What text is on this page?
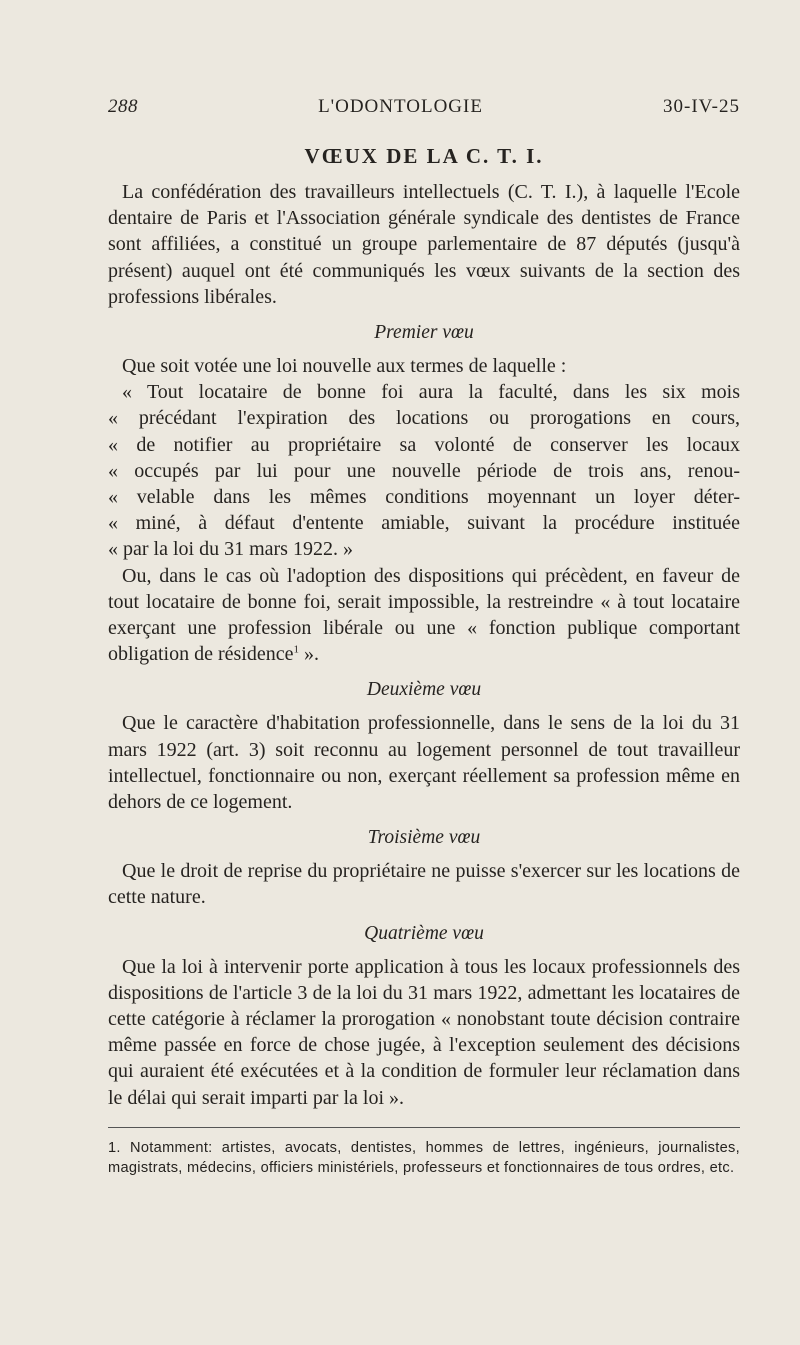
288	L'ODONTOLOGIE	30-IV-25
VŒUX DE LA C. T. I.

La confédération des travailleurs intellectuels (C. T. I.), à laquelle l'Ecole dentaire de Paris et l'Association générale syndicale des dentistes de France sont affiliées, a constitué un groupe parlementaire de 87 députés (jusqu'à présent) auquel ont été communiqués les vœux suivants de la section des professions libérales.

Premier vœu

Que soit votée une loi nouvelle aux termes de laquelle :

« Tout locataire de bonne foi aura la faculté, dans les six mois
« précédant l'expiration des locations ou prorogations en cours,
« de notifier au propriétaire sa volonté de conserver les locaux
« occupés par lui pour une nouvelle période de trois ans, renou-
« velable dans les mêmes conditions moyennant un loyer déter-
« miné, à défaut d'entente amiable, suivant la procédure instituée
« par la loi du 31 mars 1922. »

Ou, dans le cas où l'adoption des dispositions qui précèdent, en faveur de tout locataire de bonne foi, serait impossible, la restreindre « à tout locataire exerçant une profession libérale ou une « fonction publique comportant obligation de résidence$^1$ ».

Deuxième vœu

Que le caractère d'habitation professionnelle, dans le sens de la loi du 31 mars 1922 (art. 3) soit reconnu au logement personnel de tout travailleur intellectuel, fonctionnaire ou non, exerçant réellement sa profession même en dehors de ce logement.

Troisième vœu

Que le droit de reprise du propriétaire ne puisse s'exercer sur les locations de cette nature.

Quatrième vœu

Que la loi à intervenir porte application à tous les locaux professionnels des dispositions de l'article 3 de la loi du 31 mars 1922, admettant les locataires de cette catégorie à réclamer la prorogation « nonobstant toute décision contraire même passée en force de chose jugée, à l'exception seulement des décisions qui auraient été exécutées et à la condition de formuler leur réclamation dans le délai qui serait imparti par la loi ».

1. Notamment: artistes, avocats, dentistes, hommes de lettres, ingénieurs, journalistes, magistrats, médecins, officiers ministériels, professeurs et fonctionnaires de tous ordres, etc.
